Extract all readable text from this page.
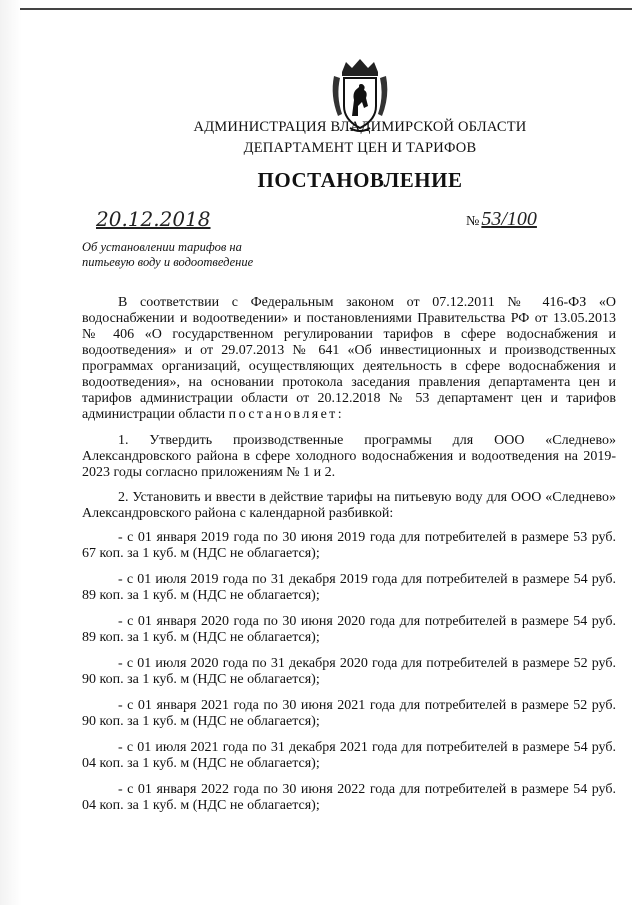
АДМИНИСТРАЦИЯ ВЛАДИМИРСКОЙ ОБЛАСТИ
ДЕПАРТАМЕНТ ЦЕН И ТАРИФОВ
ПОСТАНОВЛЕНИЕ
20.12.2018	№ 53/100
Об установлении тарифов на питьевую воду и водоотведение

В соответствии с Федеральным законом от 07.12.2011 № 416-ФЗ «О водоснабжении и водоотведении» и постановлениями Правительства РФ от 13.05.2013 № 406 «О государственном регулировании тарифов в сфере водоснабжения и водоотведения» и от 29.07.2013 № 641 «Об инвестиционных и производственных программах организаций, осуществляющих деятельность в сфере водоснабжения и водоотведения», на основании протокола заседания правления департамента цен и тарифов администрации области от 20.12.2018 № 53 департамент цен и тарифов администрации области постановляет:

1. Утвердить производственные программы для ООО «Следнево» Александровского района в сфере холодного водоснабжения и водоотведения на 2019-2023 годы согласно приложениям № 1 и 2.

2. Установить и ввести в действие тарифы на питьевую воду для ООО «Следнево» Александровского района с календарной разбивкой:

- с 01 января 2019 года по 30 июня 2019 года для потребителей в размере 53 руб. 67 коп. за 1 куб. м (НДС не облагается);

- с 01 июля 2019 года по 31 декабря 2019 года для потребителей в размере 54 руб. 89 коп. за 1 куб. м (НДС не облагается);

- с 01 января 2020 года по 30 июня 2020 года для потребителей в размере 54 руб. 89 коп. за 1 куб. м (НДС не облагается);

- с 01 июля 2020 года по 31 декабря 2020 года для потребителей в размере 52 руб. 90 коп. за 1 куб. м (НДС не облагается);

- с 01 января 2021 года по 30 июня 2021 года для потребителей в размере 52 руб. 90 коп. за 1 куб. м (НДС не облагается);

- с 01 июля 2021 года по 31 декабря 2021 года для потребителей в размере 54 руб. 04 коп. за 1 куб. м (НДС не облагается);

- с 01 января 2022 года по 30 июня 2022 года для потребителей в размере 54 руб. 04 коп. за 1 куб. м (НДС не облагается);
